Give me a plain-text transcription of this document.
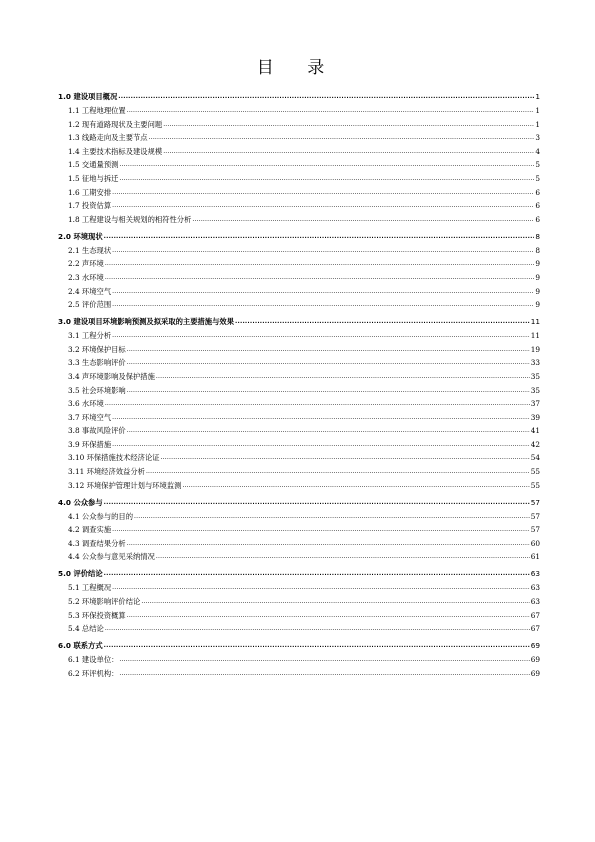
目 录
1.0 建设项目概况 .....	1
1.1 工程地理位置 .....	1
1.2 现有道路现状及主要问题 .....	1
1.3 线路走向及主要节点 .....	3
1.4 主要技术指标及建设规模 .....	4
1.5 交通量预测 .....	5
1.5 征地与拆迁 .....	5
1.6 工期安排 .....	6
1.7 投资估算 .....	6
1.8 工程建设与相关规划的相符性分析 .....	6
2.0 环境现状 .....	8
2.1 生态现状 .....	8
2.2 声环境 .....	9
2.3 水环境 .....	9
2.4 环境空气 .....	9
2.5 评价范围 .....	9
3.0 建设项目环境影响预测及拟采取的主要措施与效果 .....	11
3.1 工程分析 .....	11
3.2 环境保护目标 .....	19
3.3 生态影响评价 .....	33
3.4 声环境影响及保护措施 .....	35
3.5 社会环境影响 .....	35
3.6 水环境 .....	37
3.7 环境空气 .....	39
3.8 事故风险评价 .....	41
3.9 环保措施 .....	42
3.10 环保措施技术经济论证 .....	54
3.11 环境经济效益分析 .....	55
3.12 环境保护管理计划与环境监测 .....	55
4.0 公众参与 .....	57
4.1 公众参与的目的 .....	57
4.2 调查实施 .....	57
4.3 调查结果分析 .....	60
4.4 公众参与意见采纳情况 .....	61
5.0 评价结论 .....	63
5.1 工程概况 .....	63
5.2 环境影响评价结论 .....	63
5.3 环保投资概算 .....	67
5.4 总结论 .....	67
6.0 联系方式 .....	69
6.1 建设单位： .....	69
6.2 环评机构： .....	69
